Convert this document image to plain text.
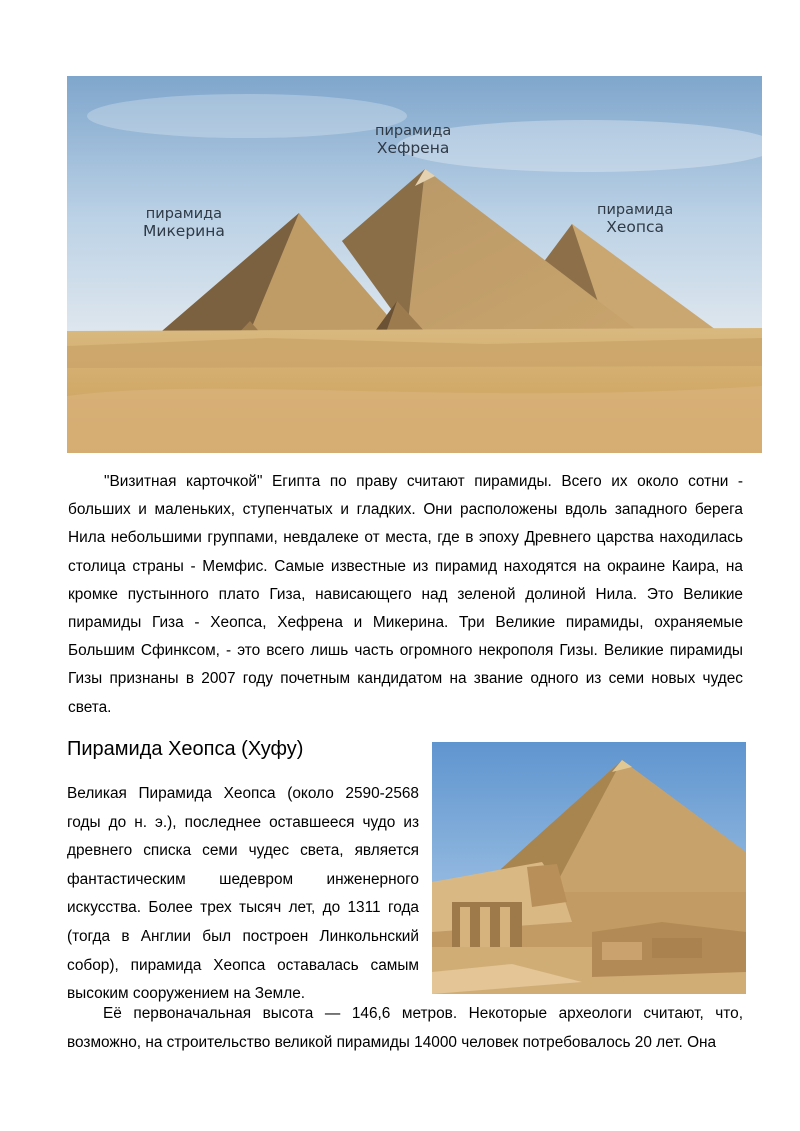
пирамида
Микерина
пирамида
Хефрена
пирамида
Хеопса

"Визитная карточкой" Египта по праву считают пирамиды. Всего их около сотни - больших и маленьких, ступенчатых и гладких. Они расположены вдоль западного берега Нила небольшими группами, невдалеке от места, где в эпоху Древнего царства находилась столица страны - Мемфис. Самые известные из пирамид находятся на окраине Каира, на кромке пустынного плато Гиза, нависающего над зеленой долиной Нила. Это Великие пирамиды Гиза - Хеопса, Хефрена и Микерина. Три Великие пирамиды, охраняемые Большим Сфинксом, - это всего лишь часть огромного некрополя Гизы. Великие пирамиды Гизы признаны в 2007 году почетным кандидатом на звание одного из семи новых чудес света.

Пирамида Хеопса (Хуфу)

Великая Пирамида Хеопса (около 2590-2568 годы до н. э.), последнее оставшееся чудо из древнего списка семи чудес света, является фантастическим шедевром инженерного искусства. Более трех тысяч лет, до 1311 года (тогда в Англии был построен Линкольнский собор), пирамида Хеопса оставалась самым высоким сооружением на Земле.

Её первоначальная высота — 146,6 метров. Некоторые археологи считают, что, возможно, на строительство великой пирамиды 14000 человек потребовалось 20 лет. Она
